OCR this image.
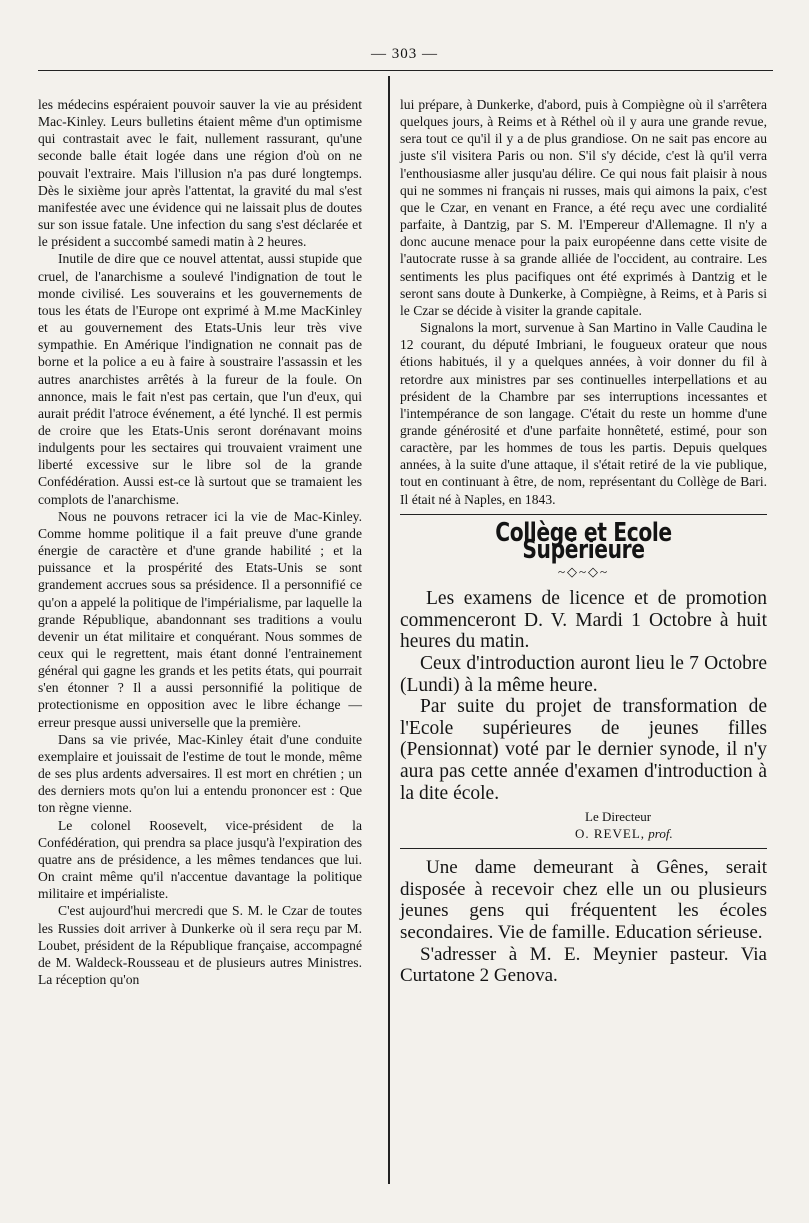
— 303 —

les médecins espéraient pouvoir sauver la vie au président Mac-Kinley. Leurs bulletins étaient même d'un optimisme qui contrastait avec le fait, nullement rassurant, qu'une seconde balle était logée dans une région d'où on ne pouvait l'extraire. Mais l'illusion n'a pas duré longtemps. Dès le sixième jour après l'attentat, la gravité du mal s'est manifestée avec une évidence qui ne laissait plus de doutes sur son issue fatale. Une infection du sang s'est déclarée et le président a succombé samedi matin à 2 heures.

Inutile de dire que ce nouvel attentat, aussi stupide que cruel, de l'anarchisme a soulevé l'indignation de tout le monde civilisé. Les souverains et les gouvernements de tous les états de l'Europe ont exprimé à M.me MacKinley et au gouvernement des Etats-Unis leur très vive sympathie. En Amérique l'indignation ne connait pas de borne et la police a eu à faire à soustraire l'assassin et les autres anarchistes arrêtés à la fureur de la foule. On annonce, mais le fait n'est pas certain, que l'un d'eux, qui aurait prédit l'atroce événement, a été lynché. Il est permis de croire que les Etats-Unis seront dorénavant moins indulgents pour les sectaires qui trouvaient vraiment une liberté excessive sur le libre sol de la grande Confédération. Aussi est-ce là surtout que se tramaient les complots de l'anarchisme.

Nous ne pouvons retracer ici la vie de Mac-Kinley. Comme homme politique il a fait preuve d'une grande énergie de caractère et d'une grande habilité ; et la puissance et la prospérité des Etats-Unis se sont grandement accrues sous sa présidence. Il a personnifié ce qu'on a appelé la politique de l'impérialisme, par laquelle la grande République, abandonnant ses traditions a voulu devenir un état militaire et conquérant. Nous sommes de ceux qui le regrettent, mais étant donné l'entrainement général qui gagne les grands et les petits états, qui pourrait s'en étonner ? Il a aussi personnifié la politique de protectionisme en opposition avec le libre échange — erreur presque aussi universelle que la première.

Dans sa vie privée, Mac-Kinley était d'une conduite exemplaire et jouissait de l'estime de tout le monde, même de ses plus ardents adversaires. Il est mort en chrétien ; un des derniers mots qu'on lui a entendu prononcer est : Que ton règne vienne.

Le colonel Roosevelt, vice-président de la Confédération, qui prendra sa place jusqu'à l'expiration des quatre ans de présidence, a les mêmes tendances que lui. On craint même qu'il n'accentue davantage la politique militaire et impérialiste.

C'est aujourd'hui mercredi que S. M. le Czar de toutes les Russies doit arriver à Dunkerke où il sera reçu par M. Loubet, président de la République française, accompagné de M. Waldeck-Rousseau et de plusieurs autres Ministres. La réception qu'on

lui prépare, à Dunkerke, d'abord, puis à Compiègne où il s'arrêtera quelques jours, à Reims et à Réthel où il y aura une grande revue, sera tout ce qu'il il y a de plus grandiose. On ne sait pas encore au juste s'il visitera Paris ou non. S'il s'y décide, c'est là qu'il verra l'enthousiasme aller jusqu'au délire. Ce qui nous fait plaisir à nous qui ne sommes ni français ni russes, mais qui aimons la paix, c'est que le Czar, en venant en France, a été reçu avec une cordialité parfaite, à Dantzig, par S. M. l'Empereur d'Allemagne. Il n'y a donc aucune menace pour la paix européenne dans cette visite de l'autocrate russe à sa grande alliée de l'occident, au contraire. Les sentiments les plus pacifiques ont été exprimés à Dantzig et le seront sans doute à Dunkerke, à Compiègne, à Reims, et à Paris si le Czar se décide à visiter la grande capitale.

Signalons la mort, survenue à San Martino in Valle Caudina le 12 courant, du député Imbriani, le fougueux orateur que nous étions habitués, il y a quelques années, à voir donner du fil à retordre aux ministres par ses continuelles interpellations et au président de la Chambre par ses interruptions incessantes et l'intempérance de son langage. C'était du reste un homme d'une grande générosité et d'une parfaite honnêteté, estimé, pour son caractère, par les hommes de tous les partis. Depuis quelques années, à la suite d'une attaque, il s'était retiré de la vie publique, tout en continuant à être, de nom, représentant du Collège de Bari. Il était né à Naples, en 1843.

Collège et Ecole Supérieure
~◇~◇~

Les examens de licence et de promotion commenceront D. V. Mardi 1 Octobre à huit heures du matin.

Ceux d'introduction auront lieu le 7 Octobre (Lundi) à la même heure.

Par suite du projet de transformation de l'Ecole supérieures de jeunes filles (Pensionnat) voté par le dernier synode, il n'y aura pas cette année d'examen d'introduction à la dite école.

Le Directeur
O. REVEL, prof.

Une dame demeurant à Gênes, serait disposée à recevoir chez elle un ou plusieurs jeunes gens qui fréquentent les écoles secondaires. Vie de famille. Education sérieuse.

S'adresser à M. E. Meynier pasteur. Via Curtatone 2 Genova.
